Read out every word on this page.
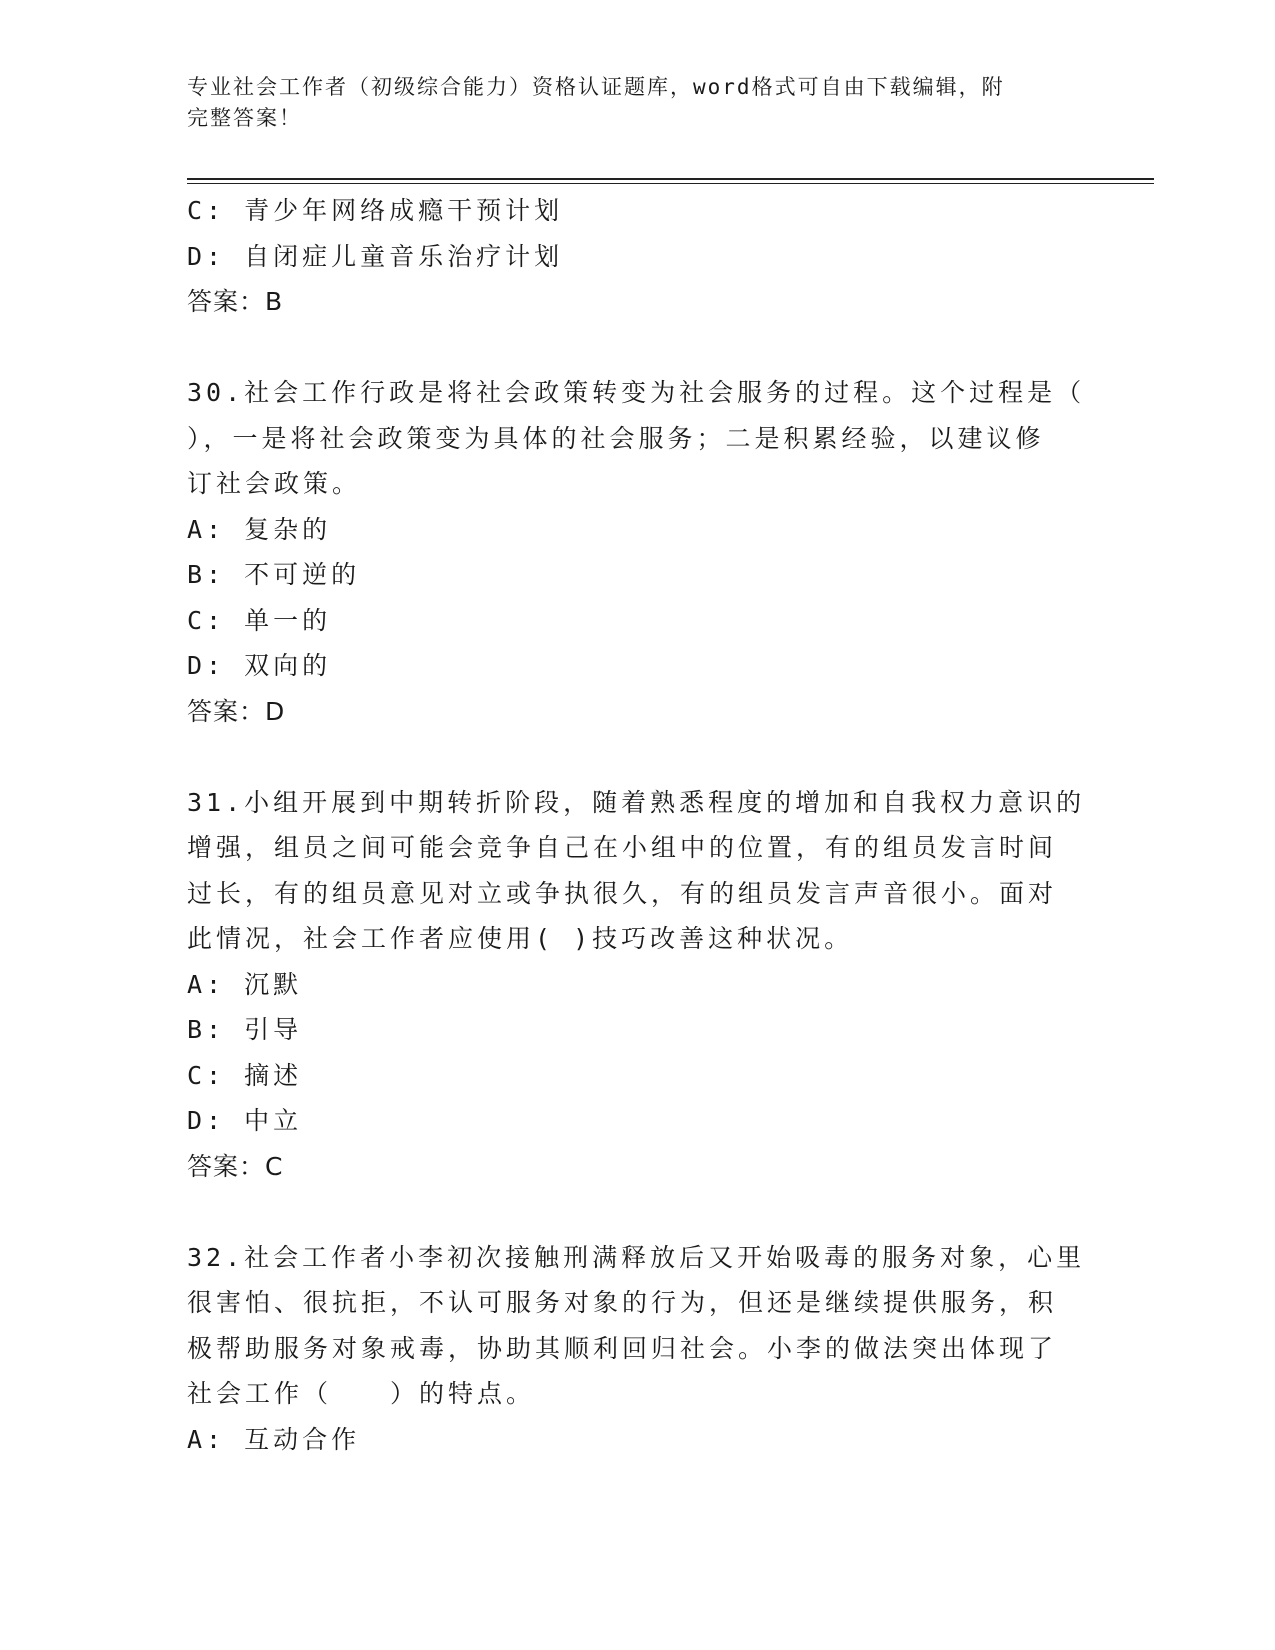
专业社会工作者（初级综合能力）资格认证题库，word格式可自由下载编辑，附
完整答案！
C: 青少年网络成瘾干预计划
D: 自闭症儿童音乐治疗计划
答案：B
30.社会工作行政是将社会政策转变为社会服务的过程。这个过程是（
），一是将社会政策变为具体的社会服务；二是积累经验，以建议修
订社会政策。
A: 复杂的
B: 不可逆的
C: 单一的
D: 双向的
答案：D
31.小组开展到中期转折阶段，随着熟悉程度的增加和自我权力意识的
增强，组员之间可能会竞争自己在小组中的位置，有的组员发言时间
过长，有的组员意见对立或争执很久，有的组员发言声音很小。面对
此情况，社会工作者应使用( )技巧改善这种状况。
A: 沉默
B: 引导
C: 摘述
D: 中立
答案：C
32.社会工作者小李初次接触刑满释放后又开始吸毒的服务对象，心里
很害怕、很抗拒，不认可服务对象的行为，但还是继续提供服务，积
极帮助服务对象戒毒，协助其顺利回归社会。小李的做法突出体现了
社会工作（　　）的特点。
A: 互动合作
